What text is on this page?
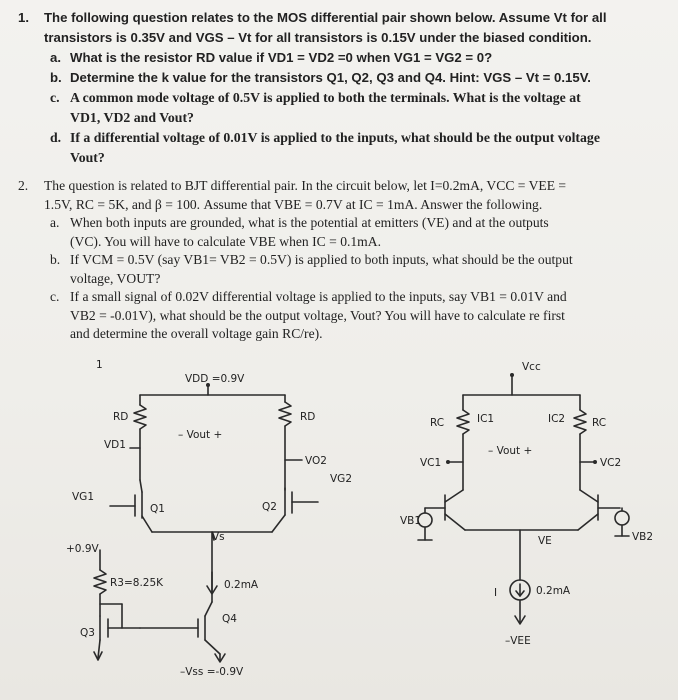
1. The following question relates to the MOS differential pair shown below. Assume Vt for all
transistors is 0.35V and VGS – Vt for all transistors is 0.15V under the biased condition.
a. What is the resistor RD value if VD1 = VD2 =0 when VG1 = VG2 = 0?
b. Determine the k value for the transistors Q1, Q2, Q3 and Q4. Hint: VGS – Vt = 0.15V.
c. A common mode voltage of 0.5V is applied to both the terminals. What is the voltage at
VD1, VD2 and Vout?
d. If a differential voltage of 0.01V is applied to the inputs, what should be the output voltage
Vout?
2. The question is related to BJT differential pair. In the circuit below, let I=0.2mA, VCC = VEE =
1.5V, RC = 5K, and β = 100. Assume that VBE = 0.7V at IC = 1mA. Answer the following.
a. When both inputs are grounded, what is the potential at emitters (VE) and at the outputs
(VC). You will have to calculate VBE when IC = 0.1mA.
b. If VCM = 0.5V (say VB1= VB2 = 0.5V) is applied to both inputs, what should be the output
voltage, VOUT?
c. If a small signal of 0.02V differential voltage is applied to the inputs, say VB1 = 0.01V and
VB2 = -0.01V), what should be the output voltage, Vout? You will have to calculate re first
and determine the overall voltage gain RC/re).
1
VDD =0.9V
RD	RD
– Vout +
VD1
VO2
VG2
VG1
Q1	Q2
Vs
+0.9V
R3=8.25K	0.2mA
Q3
Q4
–Vss =-0.9V
Vcc
RC	IC1	IC2	RC
VC1
– Vout +
VC2
VB1
VE	VB2
I	0.2mA
–VEE
